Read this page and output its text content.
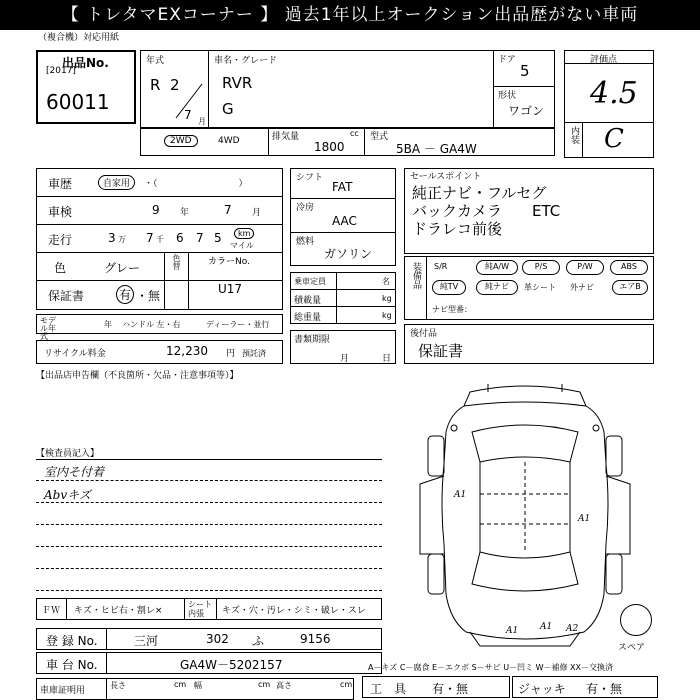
【 トレタマEXコーナー 】 過去1年以上オークション出品歴がない車両
（複合機）対応用紙
出品No.
[2017]
60011
年式
R 2
7 月
車名・グレード
RVR
G
ドア
5
形状
ワゴン
評価点
4.5
内装 C
2WD	4WD	排気量	cc
1800
型式
5BA － GA4W
車歴	自家用	・（　　　　　　　　　）
車検	9 年	7 月
走行	3 万 7 千 6 7 5	km
マイル
色	グレー	色替	カラーNo.
保証書	有 ・無	U17
モデル年式
年 ハンドル 左・右	ディーラー・並行
リサイクル料金	12,230 円 預託済
シフト
FAT
冷房
AAC
燃料
ガソリン
乗車定員	名
積載量	kg
総重量	kg
書類期限
月	日
セールスポイント
純正ナビ・フルセグ
バックカメラ　　ETC
ドラレコ前後
装備品 S/R	純A/W	P/S	P/W	ABS
純TV	純ナビ	革シート 外ナビ	エアB
ナビ型番：
後付品
保証書
【出品店申告欄（不良箇所・欠品・注意事項等）】
【検査員記入】
室内そ付着
Abvキズ
ＦＷ キズ・ヒビ右・割レ×
シート内張	キズ・穴・汚レ・シミ・破レ・スレ
登 録 No.	三河	302 ふ	9156
車 台 No.	GA4W－5202157
車庫証明用
長さ	cm 幅	cm 高さ	cm
A－キズ C－腐食 E－エクボ S－サビ U－凹ミ W－補修 XX－交換済
工　具 有・無	ジャッキ 有・無
スペア
A1
A1
A1 A1 A2
